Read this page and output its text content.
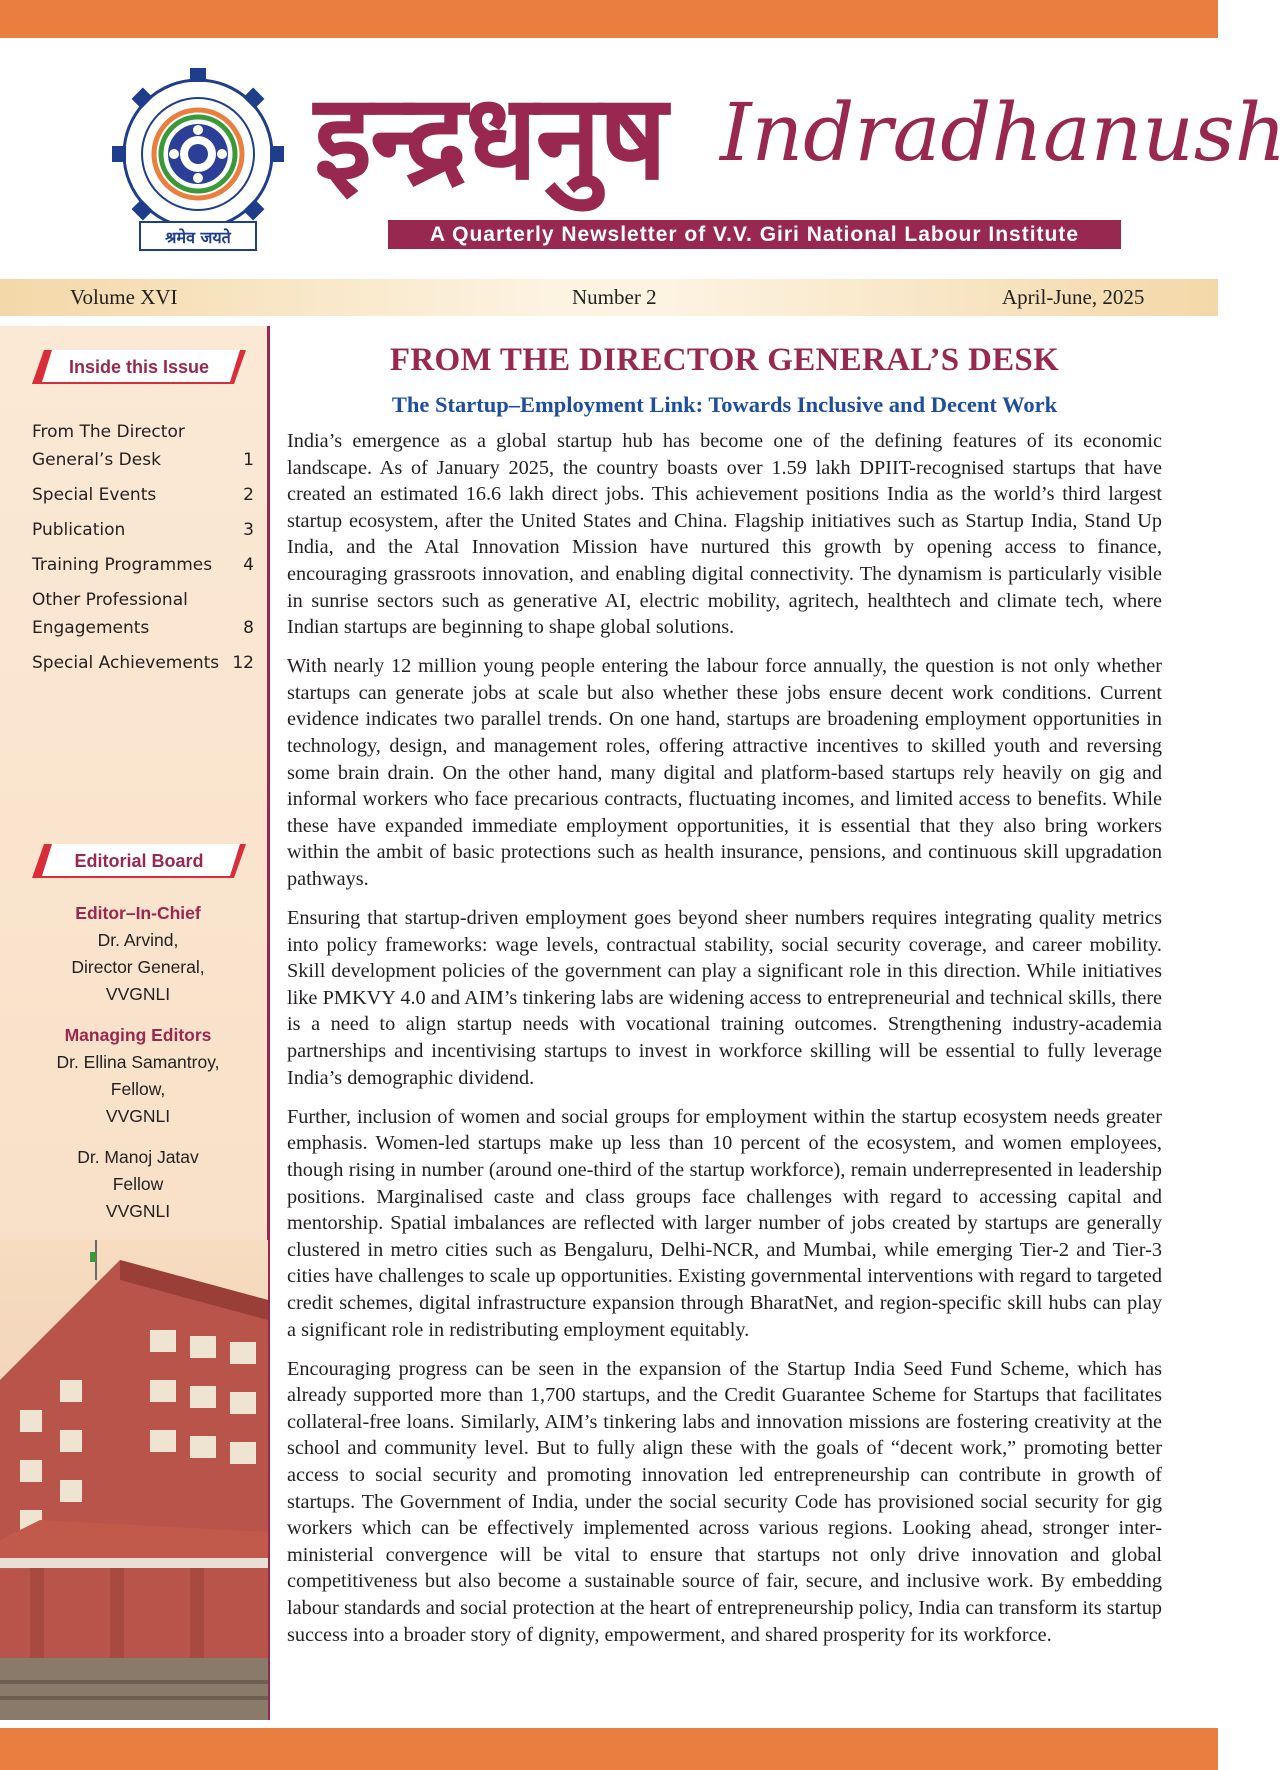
श्रमेव जयते
इन्द्रधनुष Indradhanush
A Quarterly Newsletter of V.V. Giri National Labour Institute
Volume XVI	Number 2	April-June, 2025
Inside this Issue
From The Director General’s Desk	1
Special Events	2
Publication	3
Training Programmes	4
Other Professional Engagements	8
Special Achievements 12
Editorial Board
Editor–In-Chief
Dr. Arvind,
Director General,
VVGNLI
Managing Editors
Dr. Ellina Samantroy,
Fellow,
VVGNLI
Dr. Manoj Jatav
Fellow
VVGNLI
FROM THE DIRECTOR GENERAL’S DESK
The Startup–Employment Link: Towards Inclusive and Decent Work

India’s emergence as a global startup hub has become one of the defining features of its economic landscape. As of January 2025, the country boasts over 1.59 lakh DPIIT-recognised startups that have created an estimated 16.6 lakh direct jobs. This achievement positions India as the world’s third largest startup ecosystem, after the United States and China. Flagship initiatives such as Startup India, Stand Up India, and the Atal Innovation Mission have nurtured this growth by opening access to finance, encouraging grassroots innovation, and enabling digital connectivity. The dynamism is particularly visible in sunrise sectors such as generative AI, electric mobility, agritech, healthtech and climate tech, where Indian startups are beginning to shape global solutions.

With nearly 12 million young people entering the labour force annually, the question is not only whether startups can generate jobs at scale but also whether these jobs ensure decent work conditions. Current evidence indicates two parallel trends. On one hand, startups are broadening employment opportunities in technology, design, and management roles, offering attractive incentives to skilled youth and reversing some brain drain. On the other hand, many digital and platform-based startups rely heavily on gig and informal workers who face precarious contracts, fluctuating incomes, and limited access to benefits. While these have expanded immediate employment opportunities, it is essential that they also bring workers within the ambit of basic protections such as health insurance, pensions, and continuous skill upgradation pathways.

Ensuring that startup-driven employment goes beyond sheer numbers requires integrating quality metrics into policy frameworks: wage levels, contractual stability, social security coverage, and career mobility. Skill development policies of the government can play a significant role in this direction. While initiatives like PMKVY 4.0 and AIM’s tinkering labs are widening access to entrepreneurial and technical skills, there is a need to align startup needs with vocational training outcomes. Strengthening industry-academia partnerships and incentivising startups to invest in workforce skilling will be essential to fully leverage India’s demographic dividend.

Further, inclusion of women and social groups for employment within the startup ecosystem needs greater emphasis. Women-led startups make up less than 10 percent of the ecosystem, and women employees, though rising in number (around one-third of the startup workforce), remain underrepresented in leadership positions. Marginalised caste and class groups face challenges with regard to accessing capital and mentorship. Spatial imbalances are reflected with larger number of jobs created by startups are generally clustered in metro cities such as Bengaluru, Delhi-NCR, and Mumbai, while emerging Tier-2 and Tier-3 cities have challenges to scale up opportunities. Existing governmental interventions with regard to targeted credit schemes, digital infrastructure expansion through BharatNet, and region-specific skill hubs can play a significant role in redistributing employment equitably.

Encouraging progress can be seen in the expansion of the Startup India Seed Fund Scheme, which has already supported more than 1,700 startups, and the Credit Guarantee Scheme for Startups that facilitates collateral-free loans. Similarly, AIM’s tinkering labs and innovation missions are fostering creativity at the school and community level. But to fully align these with the goals of “decent work,” promoting better access to social security and promoting innovation led entrepreneurship can contribute in growth of startups. The Government of India, under the social security Code has provisioned social security for gig workers which can be effectively implemented across various regions. Looking ahead, stronger inter-ministerial convergence will be vital to ensure that startups not only drive innovation and global competitiveness but also become a sustainable source of fair, secure, and inclusive work. By embedding labour standards and social protection at the heart of entrepreneurship policy, India can transform its startup success into a broader story of dignity, empowerment, and shared prosperity for its workforce.
